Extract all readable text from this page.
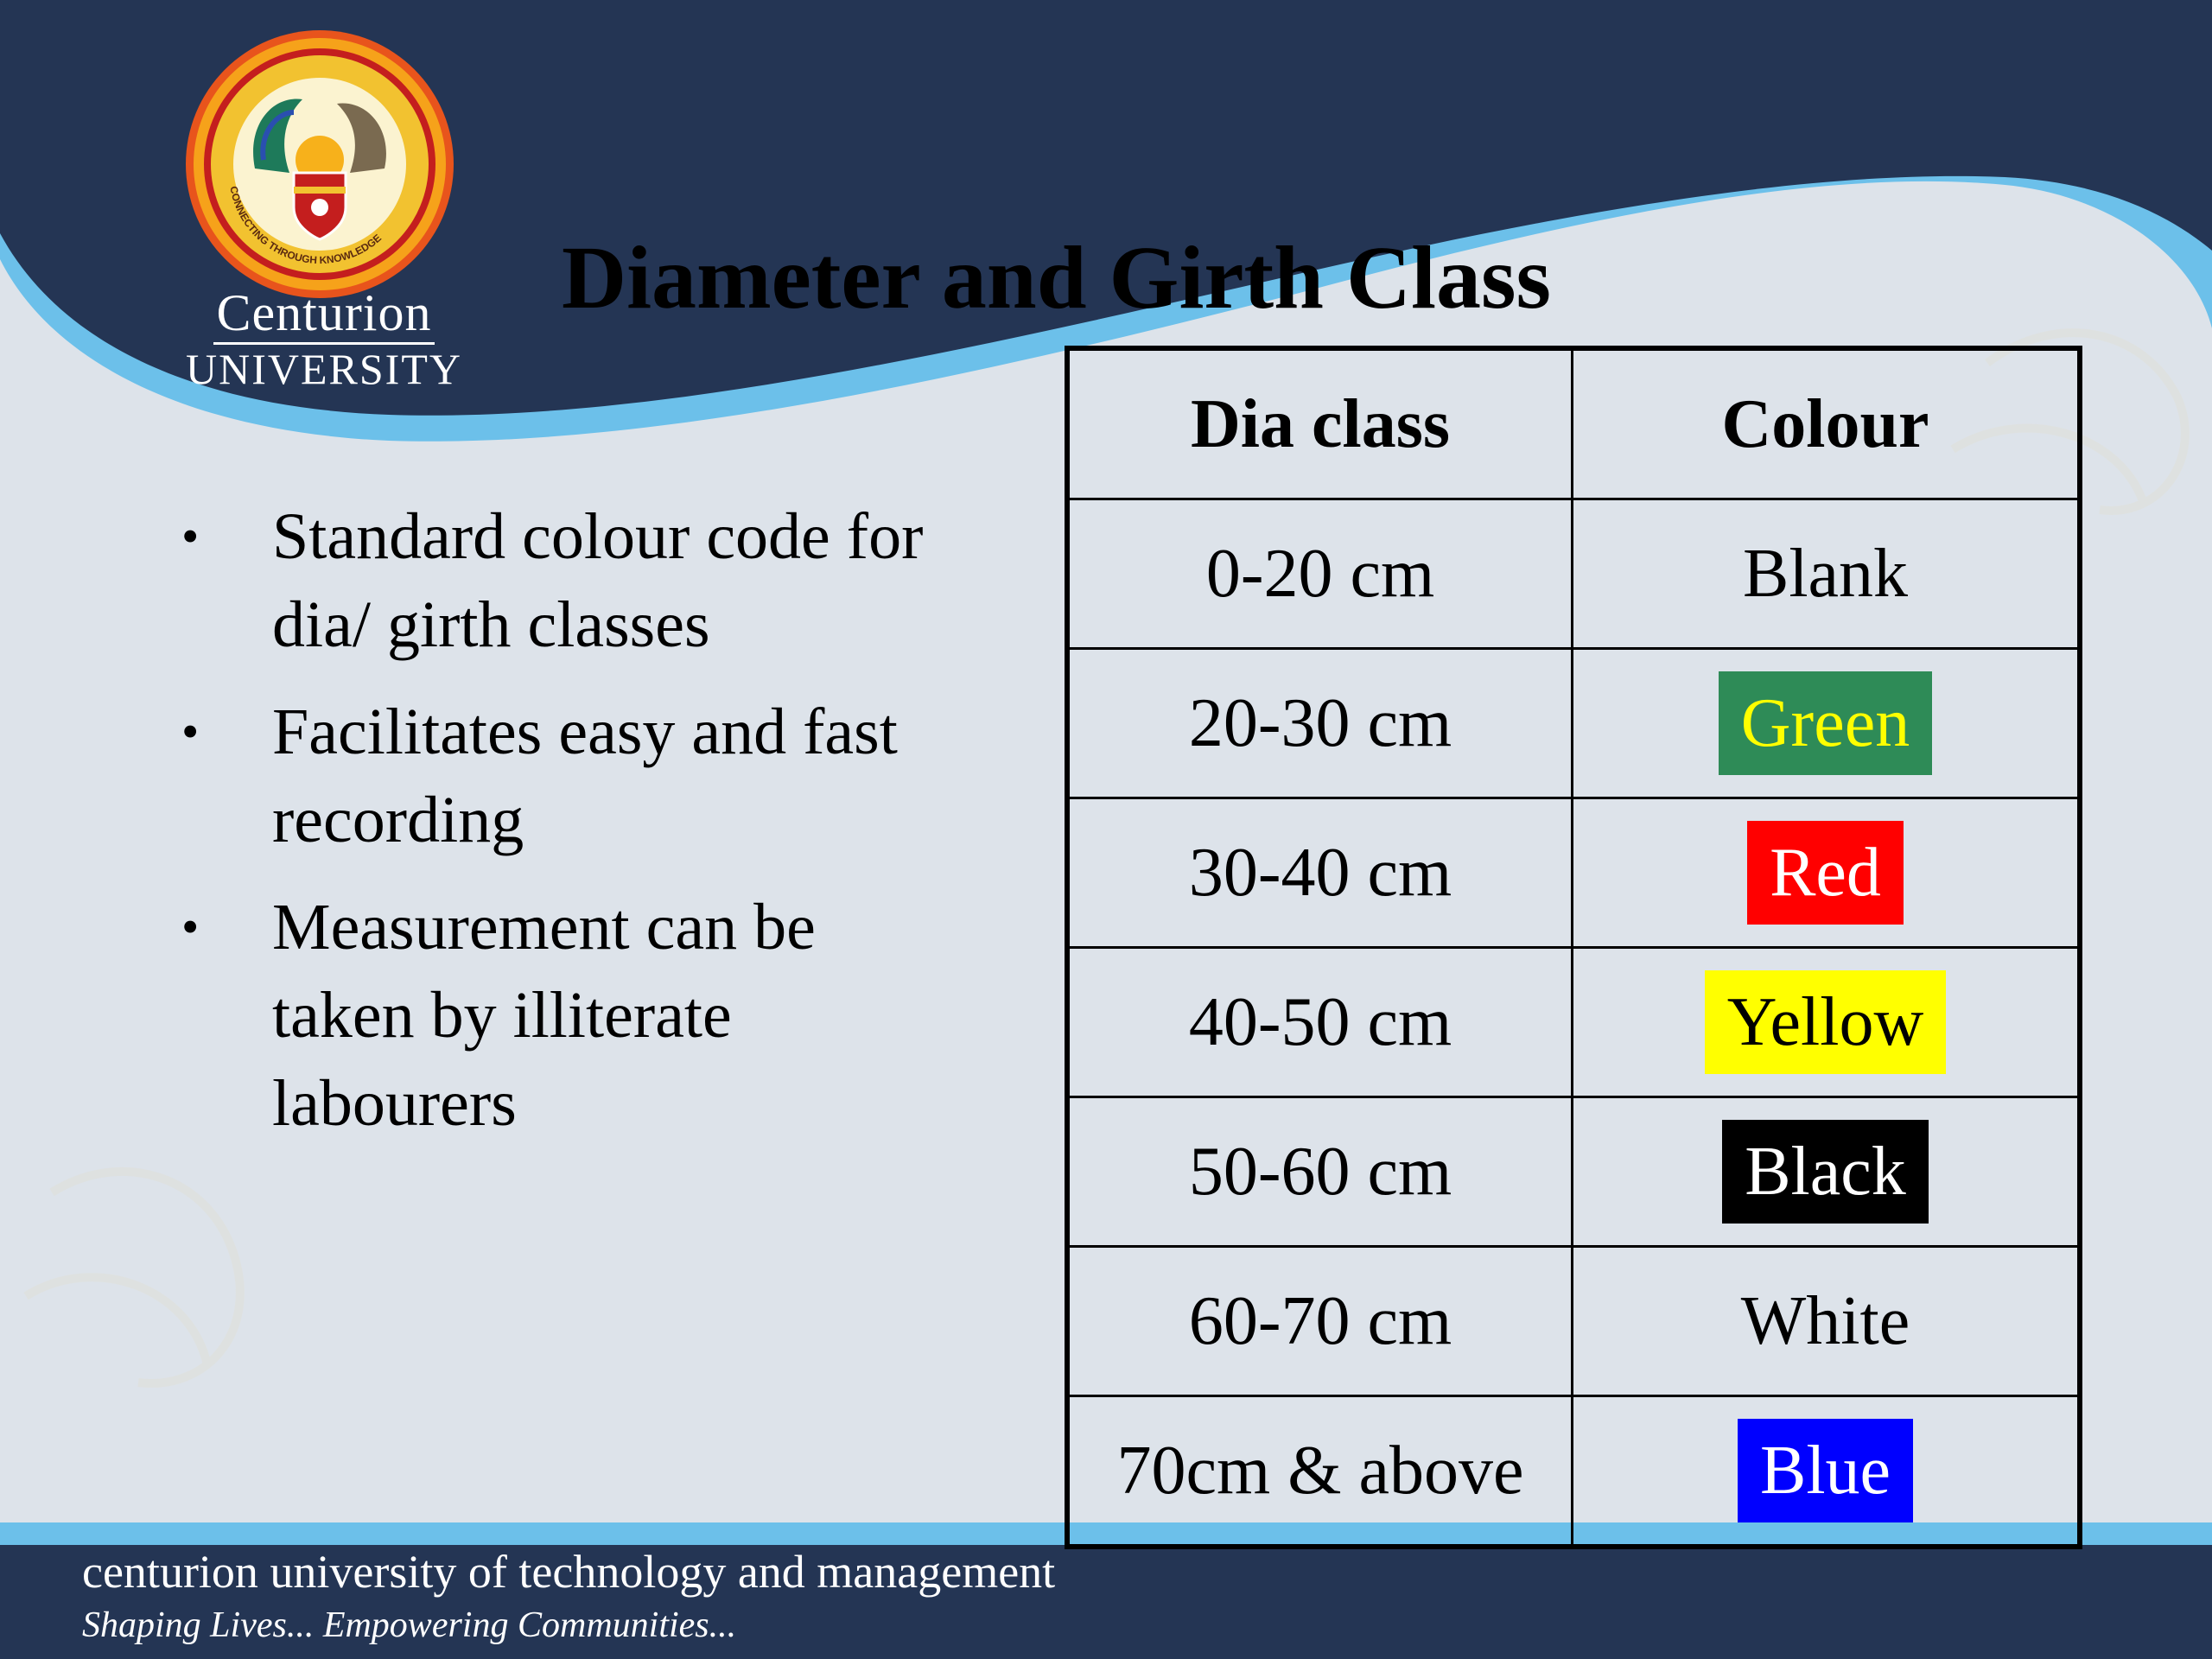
CONNECTING THROUGH KNOWLEDGE
Centurion
UNIVERSITY
Diameter and Girth Class
• Standard colour code for dia/ girth classes
• Facilitates easy and fast recording
• Measurement can be taken by illiterate labourers
Dia class	Colour
0-20 cm	Blank
20-30 cm	Green
30-40 cm	Red
40-50 cm	Yellow
50-60 cm	Black
60-70 cm	White
70cm & above	Blue
centurion university of technology and management
Shaping Lives... Empowering Communities...
